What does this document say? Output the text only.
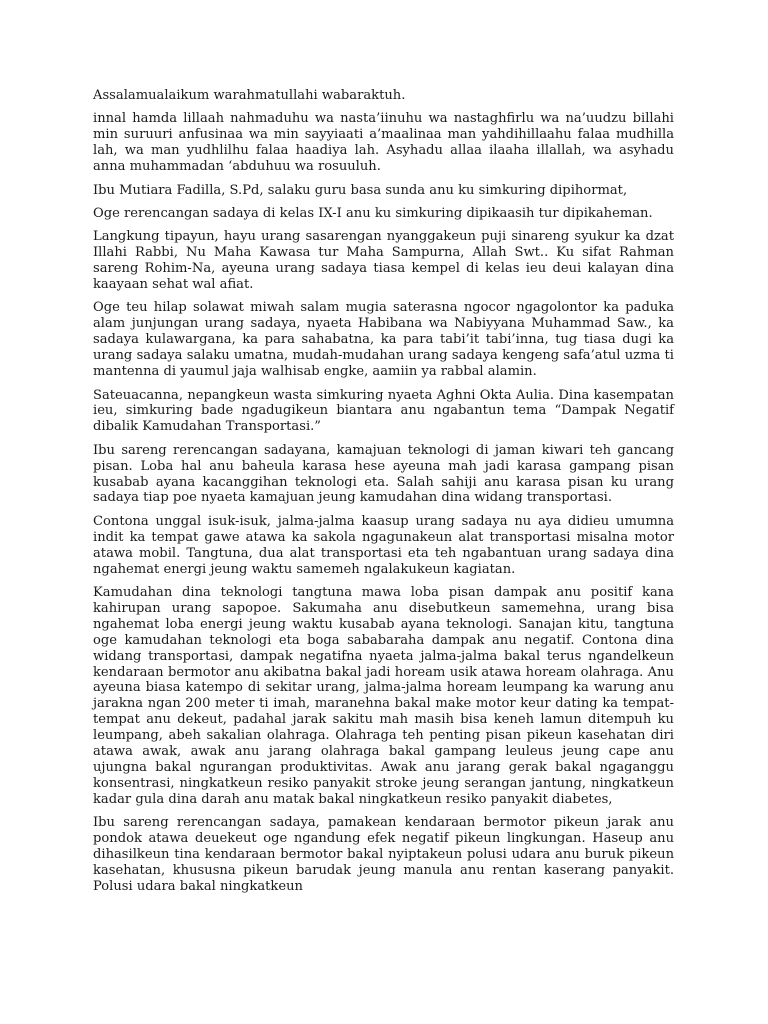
Assalamualaikum warahmatullahi wabaraktuh.

innal hamda lillaah nahmaduhu wa nasta’iinuhu wa nastaghfirlu wa na’uudzu billahi min suruuri anfusinaa wa min sayyiaati a’maalinaa man yahdihillaahu falaa mudhilla lah, wa man yudhlilhu falaa haadiya lah. Asyhadu allaa ilaaha illallah, wa asyhadu anna muhammadan ‘abduhuu wa rosuuluh.

Ibu Mutiara Fadilla, S.Pd, salaku guru basa sunda anu ku simkuring dipihormat,

Oge rerencangan sadaya di kelas IX-I anu ku simkuring dipikaasih tur dipikaheman.

Langkung tipayun, hayu urang sasarengan nyanggakeun puji sinareng syukur ka dzat Illahi Rabbi, Nu Maha Kawasa tur Maha Sampurna, Allah Swt.. Ku sifat Rahman sareng Rohim-Na, ayeuna urang sadaya tiasa kempel di kelas ieu deui kalayan dina kaayaan sehat wal afiat.

Oge teu hilap solawat miwah salam mugia saterasna ngocor ngagolontor ka paduka alam junjungan urang sadaya, nyaeta Habibana wa Nabiyyana Muhammad Saw., ka sadaya kulawargana, ka para sahabatna, ka para tabi’it tabi’inna, tug tiasa dugi ka urang sadaya salaku umatna, mudah-mudahan urang sadaya kengeng safa’atul uzma ti mantenna di yaumul jaja walhisab engke, aamiin ya rabbal alamin.

Sateuacanna, nepangkeun wasta simkuring nyaeta Aghni Okta Aulia. Dina kasempatan ieu, simkuring bade ngadugikeun biantara anu ngabantun tema “Dampak Negatif dibalik Kamudahan Transportasi.”

Ibu sareng rerencangan sadayana, kamajuan teknologi di jaman kiwari teh gancang pisan. Loba hal anu baheula karasa hese ayeuna mah jadi karasa gampang pisan kusabab ayana kacanggihan teknologi eta. Salah sahiji anu karasa pisan ku urang sadaya tiap poe nyaeta kamajuan jeung kamudahan dina widang transportasi.

Contona unggal isuk-isuk, jalma-jalma kaasup urang sadaya nu aya didieu umumna indit ka tempat gawe atawa ka sakola ngagunakeun alat transportasi misalna motor atawa mobil. Tangtuna, dua alat transportasi eta teh ngabantuan urang sadaya dina ngahemat energi jeung waktu samemeh ngalakukeun kagiatan.

Kamudahan dina teknologi tangtuna mawa loba pisan dampak anu positif kana kahirupan urang sapopoe. Sakumaha anu disebutkeun samemehna, urang bisa ngahemat loba energi jeung waktu kusabab ayana teknologi. Sanajan kitu, tangtuna oge kamudahan teknologi eta boga sababaraha dampak anu negatif. Contona dina widang transportasi, dampak negatifna nyaeta jalma-jalma bakal terus ngandelkeun kendaraan bermotor anu akibatna bakal jadi hoream usik atawa hoream olahraga. Anu ayeuna biasa katempo di sekitar urang, jalma-jalma hoream leumpang ka warung anu jarakna ngan 200 meter ti imah, maranehna bakal make motor keur dating ka tempat-tempat anu dekeut, padahal jarak sakitu mah masih bisa keneh lamun ditempuh ku leumpang, abeh sakalian olahraga. Olahraga teh penting pisan pikeun kasehatan diri atawa awak, awak anu jarang olahraga bakal gampang leuleus jeung cape anu ujungna bakal ngurangan produktivitas. Awak anu jarang gerak bakal ngaganggu konsentrasi, ningkatkeun resiko panyakit stroke jeung serangan jantung, ningkatkeun kadar gula dina darah anu matak bakal ningkatkeun resiko panyakit diabetes,

Ibu sareng rerencangan sadaya, pamakean kendaraan bermotor pikeun jarak anu pondok atawa deuekeut oge ngandung efek negatif pikeun lingkungan. Haseup anu dihasilkeun tina kendaraan bermotor bakal nyiptakeun polusi udara anu buruk pikeun kasehatan, khususna pikeun barudak jeung manula anu rentan kaserang panyakit. Polusi udara bakal ningkatkeun
